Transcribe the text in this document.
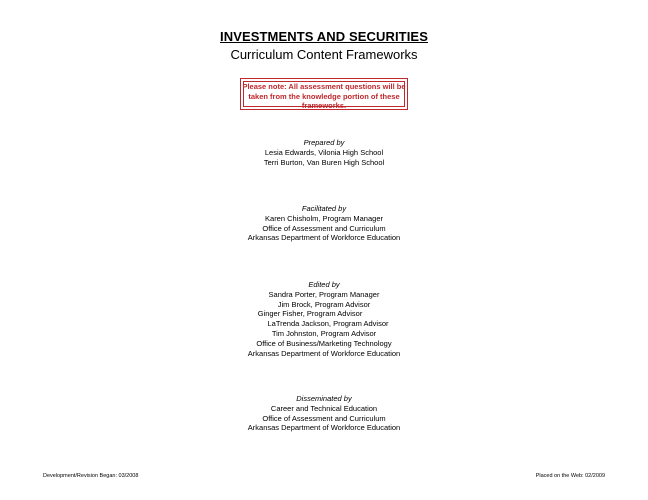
INVESTMENTS AND SECURITIES
Curriculum Content Frameworks
Please note: All assessment questions will be
taken from the knowledge portion of these
frameworks.
Prepared by
Lesia Edwards, Vilonia High School
Terri Burton, Van Buren High School
Facilitated by
Karen Chisholm, Program Manager
Office of Assessment and Curriculum
Arkansas Department of Workforce Education
Edited by
Sandra Porter, Program Manager
Jim Brock, Program Advisor
Ginger Fisher, Program Advisor
LaTrenda Jackson, Program Advisor
Tim Johnston, Program Advisor
Office of Business/Marketing Technology
Arkansas Department of Workforce Education
Disseminated by
Career and Technical Education
Office of Assessment and Curriculum
Arkansas Department of Workforce Education
Development/Revision Began: 03/2008	Placed on the Web: 02/2009
